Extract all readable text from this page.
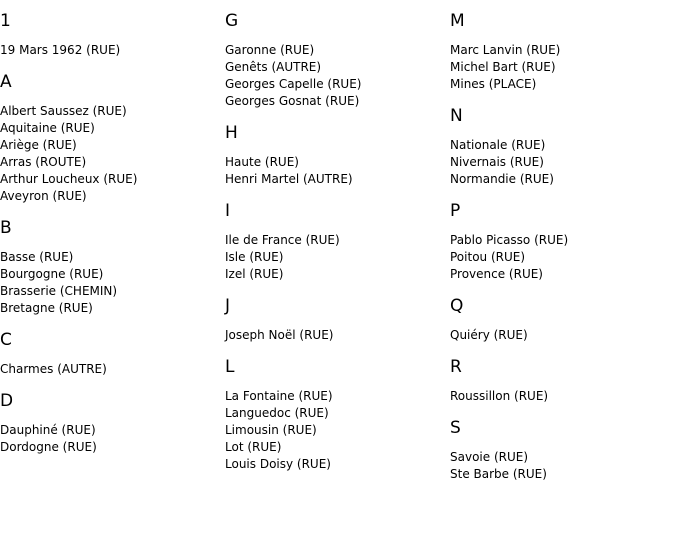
1
19 Mars 1962 (RUE)
A
Albert Saussez (RUE)
Aquitaine (RUE)
Ariège (RUE)
Arras (ROUTE)
Arthur Loucheux (RUE)
Aveyron (RUE)
B
Basse (RUE)
Bourgogne (RUE)
Brasserie (CHEMIN)
Bretagne (RUE)
C
Charmes (AUTRE)
D
Dauphiné (RUE)
Dordogne (RUE)
G
Garonne (RUE)
Genêts (AUTRE)
Georges Capelle (RUE)
Georges Gosnat (RUE)
H
Haute (RUE)
Henri Martel (AUTRE)
I
Ile de France (RUE)
Isle (RUE)
Izel (RUE)
J
Joseph Noël (RUE)
L
La Fontaine (RUE)
Languedoc (RUE)
Limousin (RUE)
Lot (RUE)
Louis Doisy (RUE)
M
Marc Lanvin (RUE)
Michel Bart (RUE)
Mines (PLACE)
N
Nationale (RUE)
Nivernais (RUE)
Normandie (RUE)
P
Pablo Picasso (RUE)
Poitou (RUE)
Provence (RUE)
Q
Quiéry (RUE)
R
Roussillon (RUE)
S
Savoie (RUE)
Ste Barbe (RUE)
